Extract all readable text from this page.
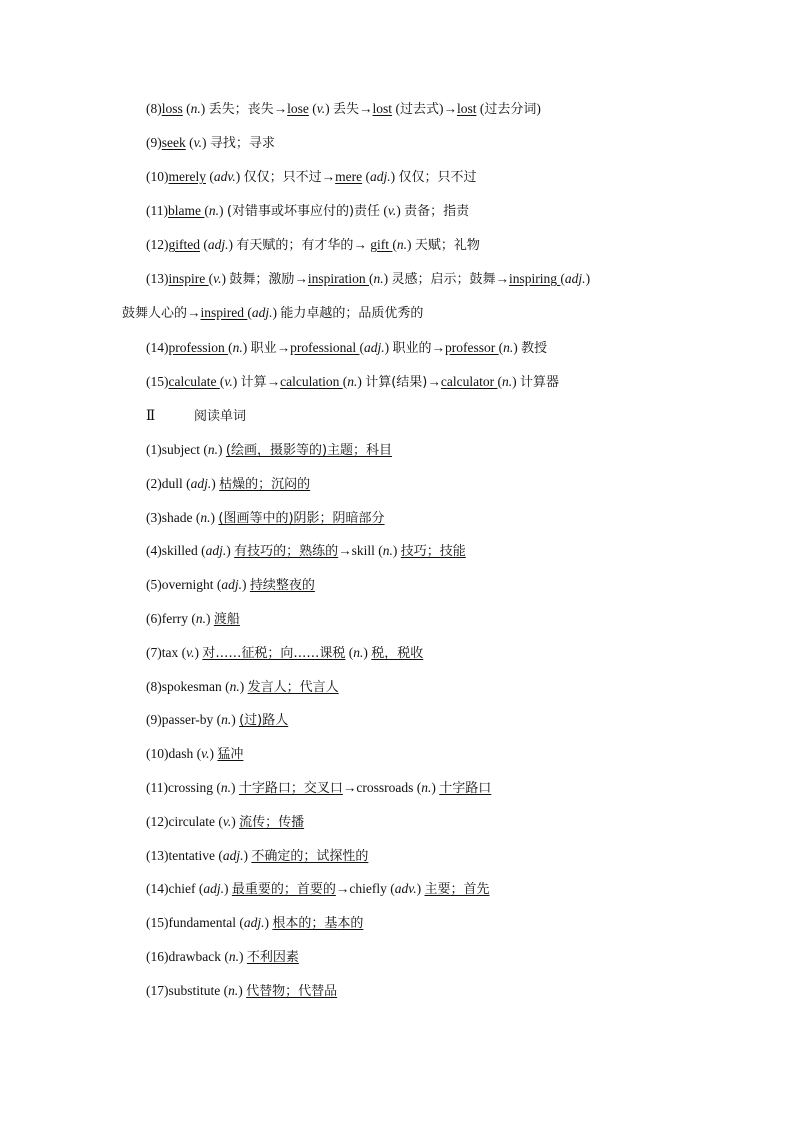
(8)loss (n.) 丢失；丧失→lose (v.) 丢失→lost (过去式)→lost (过去分词)
(9)seek (v.) 寻找；寻求
(10)merely (adv.) 仅仅；只不过→mere (adj.) 仅仅；只不过
(11)blame (n.) (对错事或坏事应付的)责任 (v.) 责备；指责
(12)gifted (adj.) 有天赋的；有才华的→ gift (n.) 天赋；礼物
(13)inspire (v.) 鼓舞；激励→inspiration (n.) 灵感；启示；鼓舞→inspiring (adj.)
鼓舞人心的→inspired (adj.) 能力卓越的；品质优秀的
(14)profession (n.) 职业→professional (adj.) 职业的→professor (n.) 教授
(15)calculate (v.) 计算→calculation (n.) 计算(结果)→calculator (n.) 计算器
Ⅱ	阅读单词
(1)subject (n.) (绘画，摄影等的)主题；科目
(2)dull (adj.) 枯燥的；沉闷的
(3)shade (n.) (图画等中的)阴影；阴暗部分
(4)skilled (adj.) 有技巧的；熟练的→skill (n.) 技巧；技能
(5)overnight (adj.) 持续整夜的
(6)ferry (n.) 渡船
(7)tax (v.) 对……征税；向……课税 (n.) 税，税收
(8)spokesman (n.) 发言人；代言人
(9)passer-by (n.) (过)路人
(10)dash (v.) 猛冲
(11)crossing (n.) 十字路口；交叉口→crossroads (n.) 十字路口
(12)circulate (v.) 流传；传播
(13)tentative (adj.) 不确定的；试探性的
(14)chief (adj.) 最重要的；首要的→chiefly (adv.) 主要；首先
(15)fundamental (adj.) 根本的；基本的
(16)drawback (n.) 不利因素
(17)substitute (n.) 代替物；代替品
